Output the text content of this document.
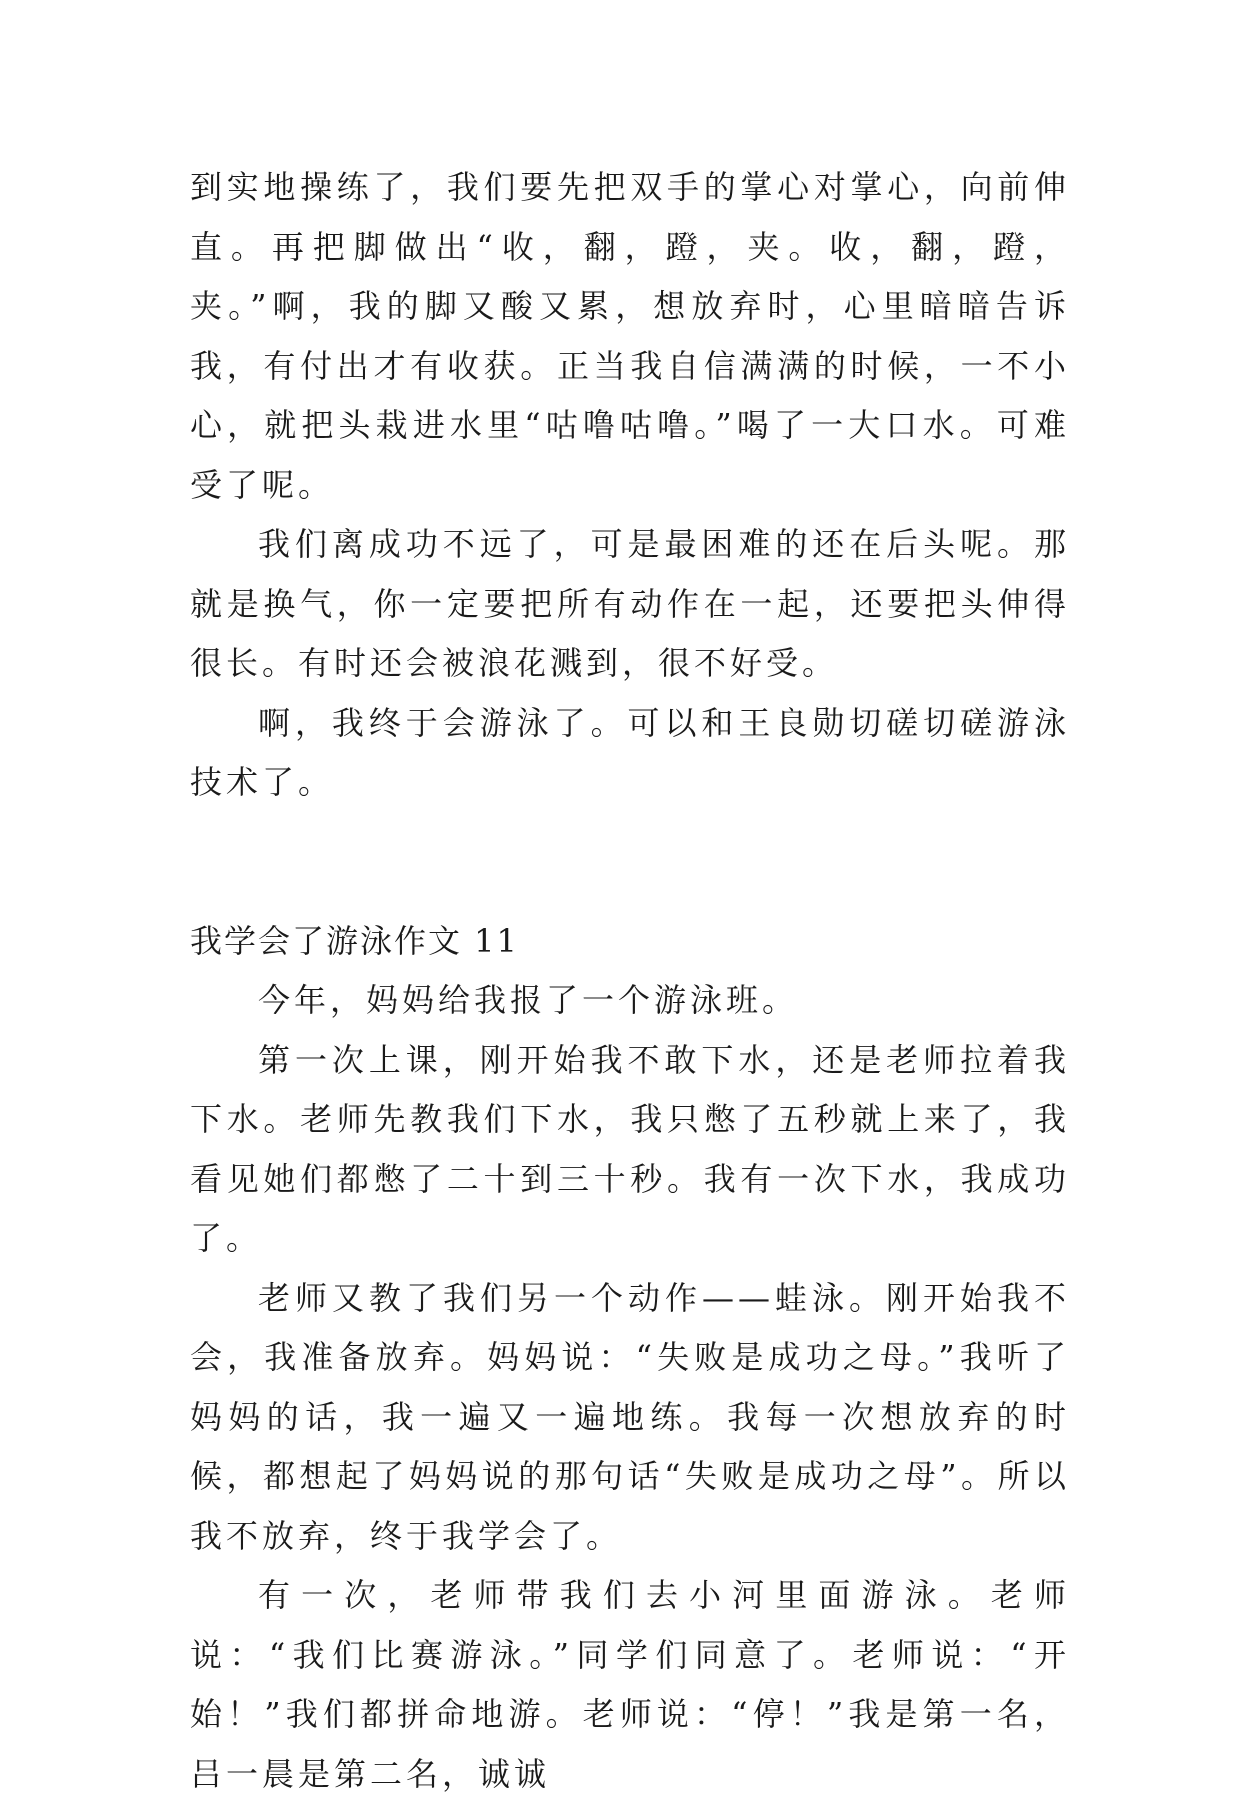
到实地操练了，我们要先把双手的掌心对掌心，向前伸直。再把脚做出“收，翻，蹬，夹。收，翻，蹬，夹。”啊，我的脚又酸又累，想放弃时，心里暗暗告诉我，有付出才有收获。正当我自信满满的时候，一不小心，就把头栽进水里“咕噜咕噜。”喝了一大口水。可难受了呢。

我们离成功不远了，可是最困难的还在后头呢。那就是换气，你一定要把所有动作在一起，还要把头伸得很长。有时还会被浪花溅到，很不好受。

啊，我终于会游泳了。可以和王良勋切磋切磋游泳技术了。

我学会了游泳作文 11

今年，妈妈给我报了一个游泳班。

第一次上课，刚开始我不敢下水，还是老师拉着我下水。老师先教我们下水，我只憋了五秒就上来了，我看见她们都憋了二十到三十秒。我有一次下水，我成功了。

老师又教了我们另一个动作——蛙泳。刚开始我不会，我准备放弃。妈妈说：“失败是成功之母。”我听了妈妈的话，我一遍又一遍地练。我每一次想放弃的时候，都想起了妈妈说的那句话“失败是成功之母”。所以我不放弃，终于我学会了。

有一次，老师带我们去小河里面游泳。老师说：“我们比赛游泳。”同学们同意了。老师说：“开始！”我们都拼命地游。老师说：“停！”我是第一名，吕一晨是第二名，诚诚
